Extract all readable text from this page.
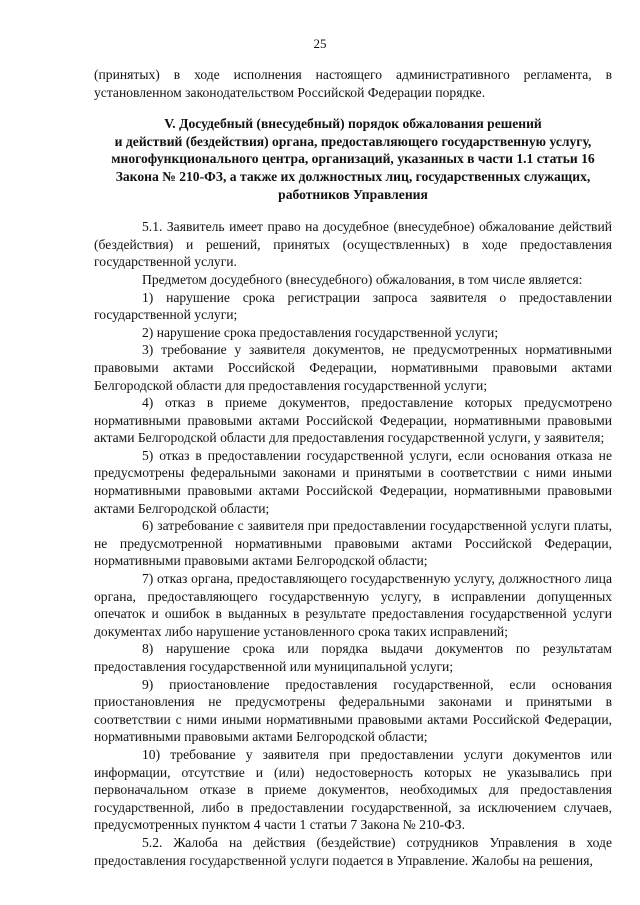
25

(принятых) в ходе исполнения настоящего административного регламента, в установленном законодательством Российской Федерации порядке.

V. Досудебный (внесудебный) порядок обжалования решений
и действий (бездействия) органа, предоставляющего государственную услугу,
многофункционального центра, организаций, указанных в части 1.1 статьи 16
Закона № 210-ФЗ, а также их должностных лиц, государственных служащих,
работников Управления

5.1. Заявитель имеет право на досудебное (внесудебное) обжалование действий (бездействия) и решений, принятых (осуществленных) в ходе предоставления государственной услуги.

Предметом досудебного (внесудебного) обжалования, в том числе является:

1) нарушение срока регистрации запроса заявителя о предоставлении государственной услуги;

2) нарушение срока предоставления государственной услуги;

3) требование у заявителя документов, не предусмотренных нормативными правовыми актами Российской Федерации, нормативными правовыми актами Белгородской области для предоставления государственной услуги;

4) отказ в приеме документов, предоставление которых предусмотрено нормативными правовыми актами Российской Федерации, нормативными правовыми актами Белгородской области для предоставления государственной услуги, у заявителя;

5) отказ в предоставлении государственной услуги, если основания отказа не предусмотрены федеральными законами и принятыми в соответствии с ними иными нормативными правовыми актами Российской Федерации, нормативными правовыми актами Белгородской области;

6) затребование с заявителя при предоставлении государственной услуги платы, не предусмотренной нормативными правовыми актами Российской Федерации, нормативными правовыми актами Белгородской области;

7) отказ органа, предоставляющего государственную услугу, должностного лица органа, предоставляющего государственную услугу, в исправлении допущенных опечаток и ошибок в выданных в результате предоставления государственной услуги документах либо нарушение установленного срока таких исправлений;

8) нарушение срока или порядка выдачи документов по результатам предоставления государственной или муниципальной услуги;

9) приостановление предоставления государственной, если основания приостановления не предусмотрены федеральными законами и принятыми в соответствии с ними иными нормативными правовыми актами Российской Федерации, нормативными правовыми актами Белгородской области;

10) требование у заявителя при предоставлении услуги документов или информации, отсутствие и (или) недостоверность которых не указывались при первоначальном отказе в приеме документов, необходимых для предоставления государственной, либо в предоставлении государственной, за исключением случаев, предусмотренных пунктом 4 части 1 статьи 7 Закона № 210-ФЗ.

5.2. Жалоба на действия (бездействие) сотрудников Управления в ходе предоставления государственной услуги подается в Управление. Жалобы на решения,
